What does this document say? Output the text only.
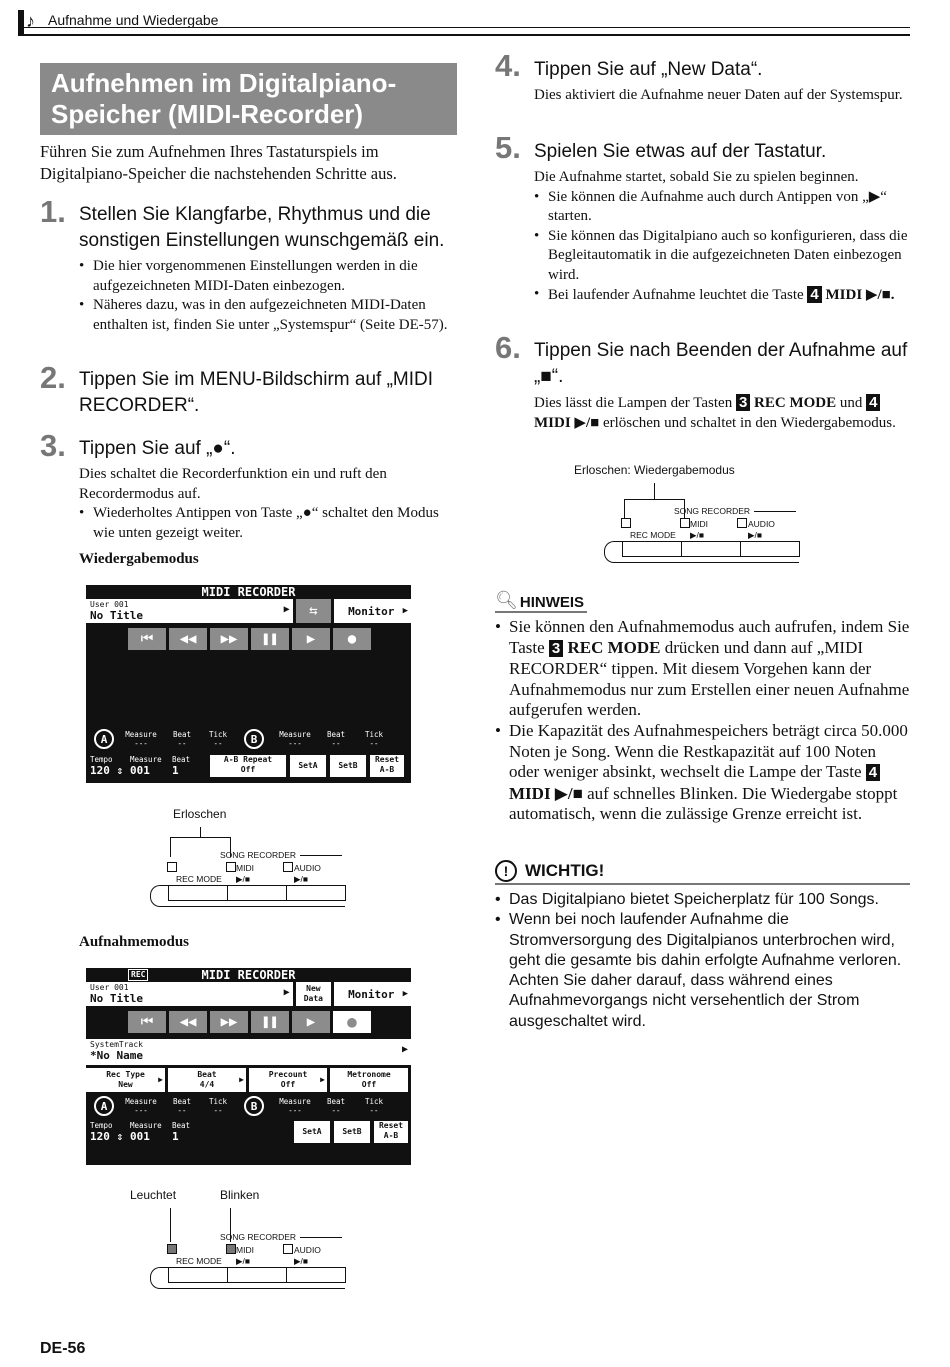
♪ Aufnahme und Wiedergabe
Aufnehmen im Digitalpiano-
Speicher (MIDI-Recorder)
Führen Sie zum Aufnehmen Ihres Tastaturspiels im Digitalpiano-Speicher die nachstehenden Schritte aus.
1. Stellen Sie Klangfarbe, Rhythmus und die sonstigen Einstellungen wunschgemäß ein.
• Die hier vorgenommenen Einstellungen werden in die aufgezeichneten MIDI-Daten einbezogen.
• Näheres dazu, was in den aufgezeichneten MIDI-Daten enthalten ist, finden Sie unter „Systemspur“ (Seite DE-57).
2. Tippen Sie im MENU-Bildschirm auf „MIDI RECORDER“.
3. Tippen Sie auf „●“.
Dies schaltet die Recorderfunktion ein und ruft den Recordermodus auf.
• Wiederholtes Antippen von Taste „●“ schaltet den Modus wie unten gezeigt weiter.
Wiedergabemodus
MIDI RECORDER
User 001
No Title	▶	⇆	Monitor ▶
⏮	◀◀	▶▶	❚❚	▶	●
A	Measure
---
Beat
--
Tick
--	B	Measure
---
Beat
--
Tick
--
Tempo
120 ⇕
Measure
001
Beat
1
A-B Repeat
Off	SetA	SetB
Reset
A-B
Erloschen
SONG RECORDER
MIDI	AUDIO
REC MODE ▶/■	▶/■
Aufnahmemodus
REC	MIDI RECORDER
User 001
No Title	▶	New
Data	Monitor ▶
⏮	◀◀	▶▶	❚❚	▶	●
SystemTrack
*No Name	▶
Rec Type
New
▶
Beat
4/4
▶
Precount
Off
▶
Metronome
Off
A	Measure
---
Beat
--
Tick
--	B	Measure
---
Beat
--
Tick
--
Tempo
120 ⇕
Measure
001
Beat
1	SetA	SetB
Reset
A-B
Leuchtet	Blinken
SONG RECORDER
MIDI	AUDIO
REC MODE ▶/■	▶/■
4. Tippen Sie auf „New Data“.
Dies aktiviert die Aufnahme neuer Daten auf der Systemspur.
5. Spielen Sie etwas auf der Tastatur.
Die Aufnahme startet, sobald Sie zu spielen beginnen.
• Sie können die Aufnahme auch durch Antippen von „▶“ starten.
• Sie können das Digitalpiano auch so konfigurieren, dass die Begleitautomatik in die aufgezeichneten Daten einbezogen wird.
• Bei laufender Aufnahme leuchtet die Taste 4 MIDI ▶/■.
6. Tippen Sie nach Beenden der Aufnahme auf „■“.
Dies lässt die Lampen der Tasten 3 REC MODE und 4 MIDI ▶/■ erlöschen und schaltet in den Wiedergabemodus.
Erloschen: Wiedergabemodus
SONG RECORDER
MIDI	AUDIO
REC MODE ▶/■	▶/■
🔍︎ HINWEIS
• Sie können den Aufnahmemodus auch aufrufen, indem Sie Taste 3 REC MODE drücken und dann auf „MIDI RECORDER“ tippen. Mit diesem Vorgehen kann der Aufnahmemodus nur zum Erstellen einer neuen Aufnahme aufgerufen werden.
• Die Kapazität des Aufnahmespeichers beträgt circa 50.000 Noten je Song. Wenn die Restkapazität auf 100 Noten oder weniger absinkt, wechselt die Lampe der Taste 4 MIDI ▶/■ auf schnelles Blinken. Die Wiedergabe stoppt automatisch, wenn die zulässige Grenze erreicht ist.
! WICHTIG!
• Das Digitalpiano bietet Speicherplatz für 100 Songs.
• Wenn bei noch laufender Aufnahme die Stromversorgung des Digitalpianos unterbrochen wird, geht die gesamte bis dahin erfolgte Aufnahme verloren. Achten Sie daher darauf, dass während eines Aufnahmevorgangs nicht versehentlich der Strom ausgeschaltet wird.
DE-56
